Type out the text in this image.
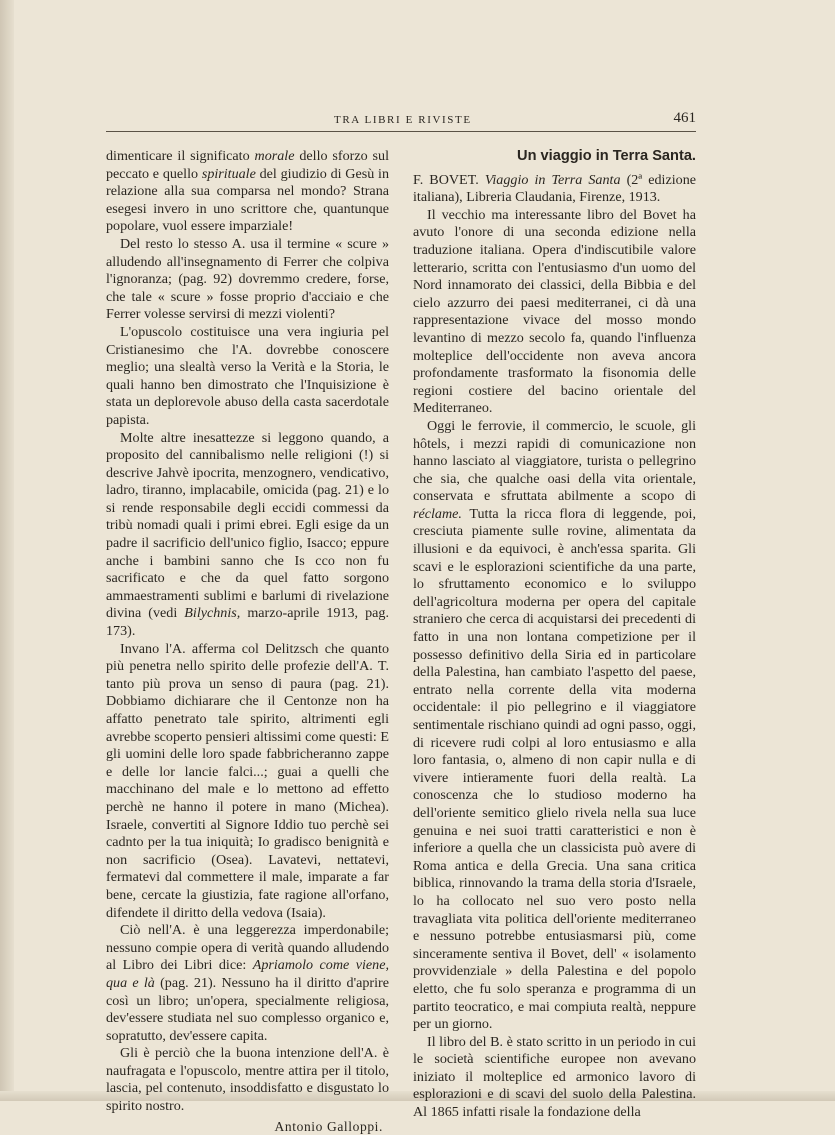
TRA LIBRI E RIVISTE	461

dimenticare il significato morale dello sforzo sul peccato e quello spirituale del giudizio di Gesù in relazione alla sua comparsa nel mondo? Strana esegesi invero in uno scrittore che, quantunque popolare, vuol essere imparziale!

Del resto lo stesso A. usa il termine « scure » alludendo all'insegnamento di Ferrer che colpiva l'ignoranza; (pag. 92) dovremmo credere, forse, che tale « scure » fosse proprio d'acciaio e che Ferrer volesse servirsi di mezzi violenti?

L'opuscolo costituisce una vera ingiuria pel Cristianesimo che l'A. dovrebbe conoscere meglio; una slealtà verso la Verità e la Storia, le quali hanno ben dimostrato che l'Inquisizione è stata un deplorevole abuso della casta sacerdotale papista.

Molte altre inesattezze si leggono quando, a proposito del cannibalismo nelle religioni (!) si descrive Jahvè ipocrita, menzognero, vendicativo, ladro, tiranno, implacabile, omicida (pag. 21) e lo si rende responsabile degli eccidi commessi da tribù nomadi quali i primi ebrei. Egli esige da un padre il sacrificio dell'unico figlio, Isacco; eppure anche i bambini sanno che Is cco non fu sacrificato e che da quel fatto sorgono ammaestramenti sublimi e barlumi di rivelazione divina (vedi Bilychnis, marzo-aprile 1913, pag. 173).

Invano l'A. afferma col Delitzsch che quanto più penetra nello spirito delle profezie dell'A. T. tanto più prova un senso di paura (pag. 21). Dobbiamo dichiarare che il Centonze non ha affatto penetrato tale spirito, altrimenti egli avrebbe scoperto pensieri altissimi come questi: E gli uomini delle loro spade fabbricheranno zappe e delle lor lancie falci...; guai a quelli che macchinano del male e lo mettono ad effetto perchè ne hanno il potere in mano (Michea). Israele, convertiti al Signore Iddio tuo perchè sei cadnto per la tua iniquità; Io gradisco benignità e non sacrificio (Osea). Lavatevi, nettatevi, fermatevi dal commettere il male, imparate a far bene, cercate la giustizia, fate ragione all'orfano, difendete il diritto della vedova (Isaia).

Ciò nell'A. è una leggerezza imperdonabile; nessuno compie opera di verità quando alludendo al Libro dei Libri dice: Apriamolo come viene, qua e là (pag. 21). Nessuno ha il diritto d'aprire così un libro; un'opera, specialmente religiosa, dev'essere studiata nel suo complesso organico e, sopratutto, dev'essere capita.

Gli è perciò che la buona intenzione dell'A. è naufragata e l'opuscolo, mentre attira per il titolo, lascia, pel contenuto, insoddisfatto e disgustato lo spirito nostro.

Antonio Galloppi.

Un viaggio in Terra Santa.

F. BOVET. Viaggio in Terra Santa (2ª edizione italiana), Libreria Claudania, Firenze, 1913.

Il vecchio ma interessante libro del Bovet ha avuto l'onore di una seconda edizione nella traduzione italiana. Opera d'indiscutibile valore letterario, scritta con l'entusiasmo d'un uomo del Nord innamorato dei classici, della Bibbia e del cielo azzurro dei paesi mediterranei, ci dà una rappresentazione vivace del mosso mondo levantino di mezzo secolo fa, quando l'influenza molteplice dell'occidente non aveva ancora profondamente trasformato la fisonomia delle regioni costiere del bacino orientale del Mediterraneo.

Oggi le ferrovie, il commercio, le scuole, gli hôtels, i mezzi rapidi di comunicazione non hanno lasciato al viaggiatore, turista o pellegrino che sia, che qualche oasi della vita orientale, conservata e sfruttata abilmente a scopo di réclame. Tutta la ricca flora di leggende, poi, cresciuta piamente sulle rovine, alimentata da illusioni e da equivoci, è anch'essa sparita. Gli scavi e le esplorazioni scientifiche da una parte, lo sfruttamento economico e lo sviluppo dell'agricoltura moderna per opera del capitale straniero che cerca di acquistarsi dei precedenti di fatto in una non lontana competizione per il possesso definitivo della Siria ed in particolare della Palestina, han cambiato l'aspetto del paese, entrato nella corrente della vita moderna occidentale: il pio pellegrino e il viaggiatore sentimentale rischiano quindi ad ogni passo, oggi, di ricevere rudi colpi al loro entusiasmo e alla loro fantasia, o, almeno di non capir nulla e di vivere intieramente fuori della realtà. La conoscenza che lo studioso moderno ha dell'oriente semitico glielo rivela nella sua luce genuina e nei suoi tratti caratteristici e non è inferiore a quella che un classicista può avere di Roma antica e della Grecia. Una sana critica biblica, rinnovando la trama della storia d'Israele, lo ha collocato nel suo vero posto nella travagliata vita politica dell'oriente mediterraneo e nessuno potrebbe entusiasmarsi più, come sinceramente sentiva il Bovet, dell' « isolamento provvidenziale » della Palestina e del popolo eletto, che fu solo speranza e programma di un partito teocratico, e mai compiuta realtà, neppure per un giorno.

Il libro del B. è stato scritto in un periodo in cui le società scientifiche europee non avevano iniziato il molteplice ed armonico lavoro di esplorazioni e di scavi del suolo della Palestina. Al 1865 infatti risale la fondazione della
